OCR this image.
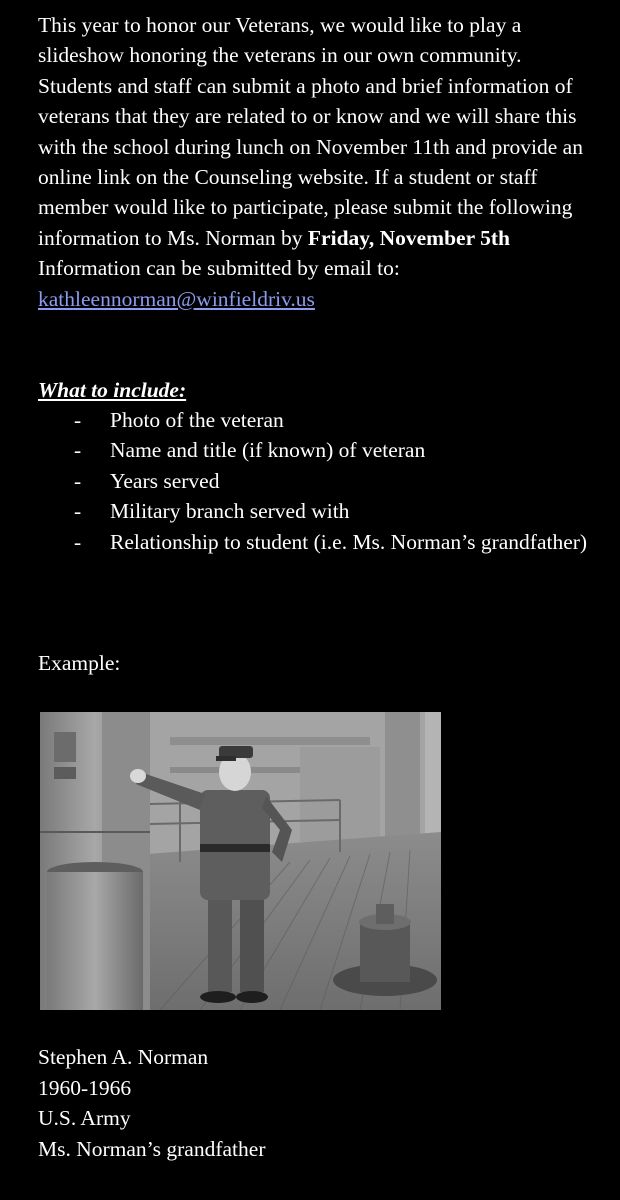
This year to honor our Veterans, we would like to play a slideshow honoring the veterans in our own community. Students and staff can submit a photo and brief information of veterans that they are related to or know and we will share this with the school during lunch on November 11th and provide an online link on the Counseling website. If a student or staff member would like to participate, please submit the following information to Ms. Norman by Friday, November 5th

Information can be submitted by email to:

kathleennorman@winfieldriv.us

What to include:
- Photo of the veteran
- Name and title (if known) of veteran
- Years served
- Military branch served with
- Relationship to student (i.e. Ms. Norman’s grandfather)
Example:
Stephen A. Norman
1960-1966
U.S. Army
Ms. Norman’s grandfather
